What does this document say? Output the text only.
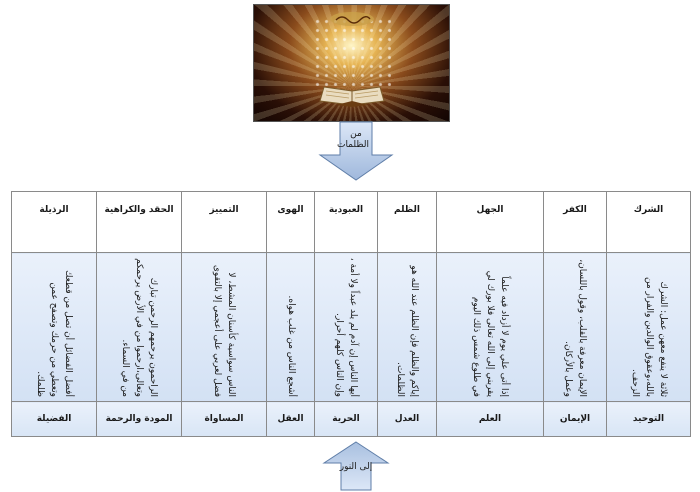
من الظلمات
الرذيلة	الحقد والكراهية	التمييز	الهوى	العبودية	الظلم	الجهل	الكفر	الشرك

أفضل الفضائل أن تصل من قطعك وتعطي من حرمك وتصفح عمن ظلمك.	الراحمون يرحمهم الرحمن تبارك وتعالى،ارحموا من في الأرض يرحمكم من في السماء.	الناس سواسية كأسنان المشط، لا فضل لعربي على أعجمي إلا بالتقوى	أشجع الناس من غلب هواه.	أيها الناس إن آدم لم يلد عبداً ولا أمة ، وإن الناس كلهم أحرار.	إياكم والظلم فإن الظلم عند الله هو الظلمات.	إذا أتى علي يوم لا أزداد فيه علماً يقربني إلى الله تعالى فلا بورك لي في طلوع شمس ذلك اليوم	الإيمان معرفة بالقلب، وقول باللسان، وعمل بالأركان.	ثلاثة لا ينفع معهن عمل: الشرك بالله،وعقوق الوالدين والفرار من الزحف.

الفضيلة	المودة والرحمة	المساواة	العقل	الحرية	العدل	العلم	الإيمان	التوحيد
إلى النور
